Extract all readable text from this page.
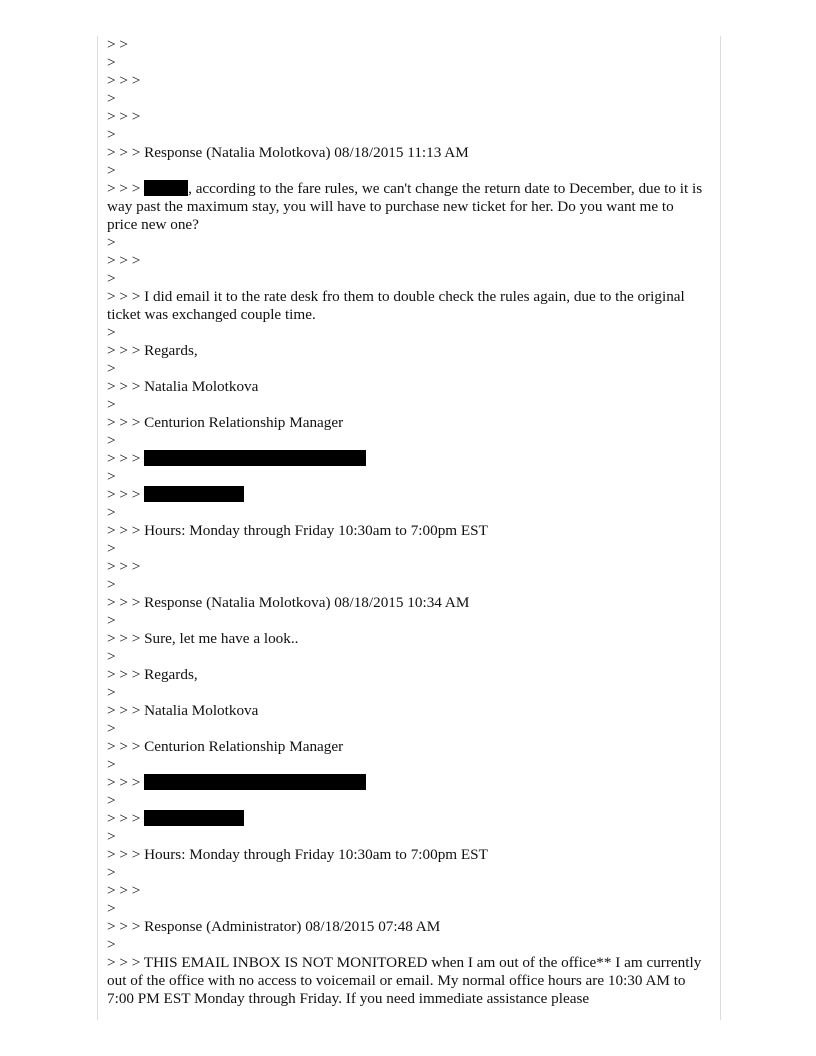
> >
>
> > >
>
> > >
>
> > > Response (Natalia Molotkova) 08/18/2015 11:13 AM
>
> > >	, according to the fare rules, we can't change the return date to December, due to it is way past the maximum stay, you will have to purchase new ticket for her. Do you want me to price new one?
>
> > >
>
> > > I did email it to the rate desk fro them to double check the rules again, due to the original ticket was exchanged couple time.
>
> > > Regards,
>
> > > Natalia Molotkova
>
> > > Centurion Relationship Manager
>
> > >
>
> > >
>
> > > Hours: Monday through Friday 10:30am to 7:00pm EST
>
> > >
>
> > > Response (Natalia Molotkova) 08/18/2015 10:34 AM
>
> > > Sure, let me have a look..
>
> > > Regards,
>
> > > Natalia Molotkova
>
> > > Centurion Relationship Manager
>
> > >
>
> > >
>
> > > Hours: Monday through Friday 10:30am to 7:00pm EST
>
> > >
>
> > > Response (Administrator) 08/18/2015 07:48 AM
>
> > > THIS EMAIL INBOX IS NOT MONITORED when I am out of the office** I am currently out of the office with no access to voicemail or email. My normal office hours are 10:30 AM to 7:00 PM EST Monday through Friday. If you need immediate assistance please
